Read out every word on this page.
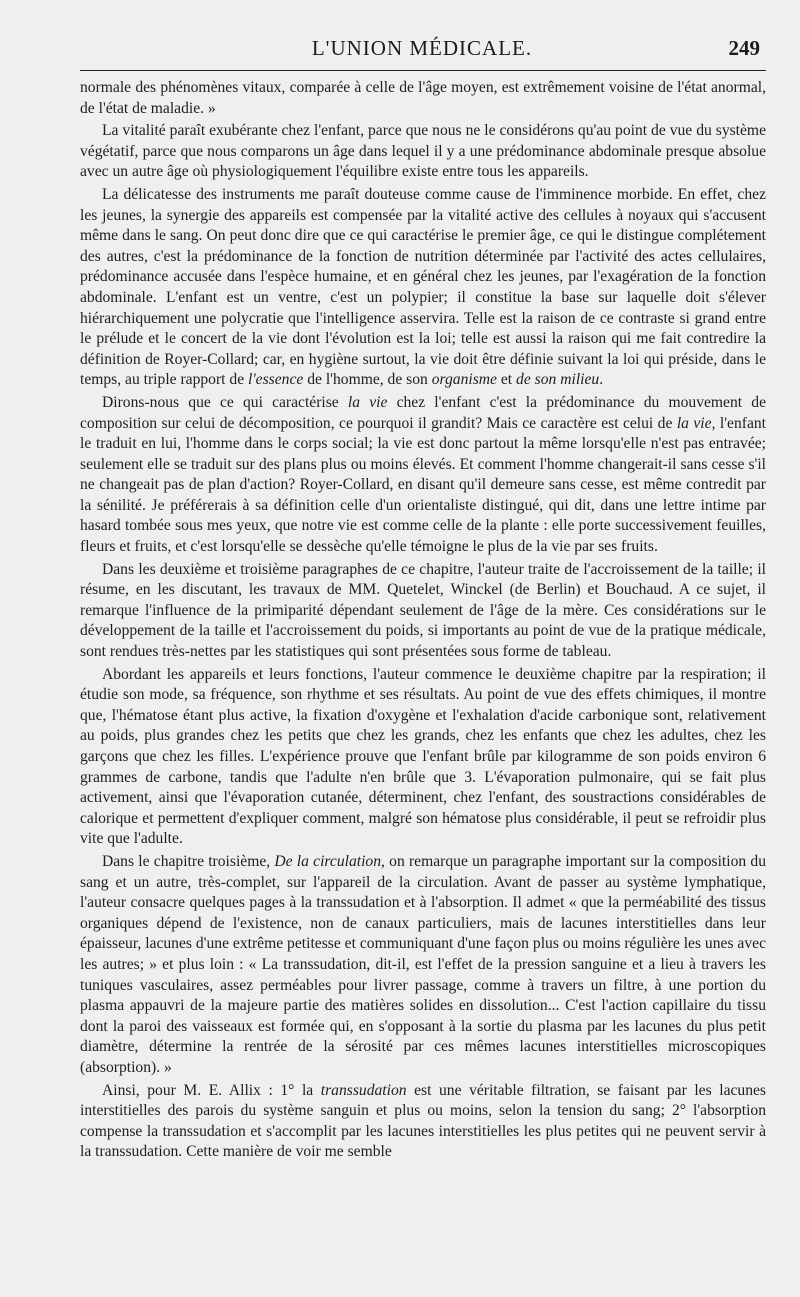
L'UNION MÉDICALE.	249

normale des phénomènes vitaux, comparée à celle de l'âge moyen, est extrêmement voisine de l'état anormal, de l'état de maladie. »

La vitalité paraît exubérante chez l'enfant, parce que nous ne le considérons qu'au point de vue du système végétatif, parce que nous comparons un âge dans lequel il y a une prédominance abdominale presque absolue avec un autre âge où physiologiquement l'équilibre existe entre tous les appareils.

La délicatesse des instruments me paraît douteuse comme cause de l'imminence morbide. En effet, chez les jeunes, la synergie des appareils est compensée par la vitalité active des cellules à noyaux qui s'accusent même dans le sang. On peut donc dire que ce qui caractérise le premier âge, ce qui le distingue complétement des autres, c'est la prédominance de la fonction de nutrition déterminée par l'activité des actes cellulaires, prédominance accusée dans l'espèce humaine, et en général chez les jeunes, par l'exagération de la fonction abdominale. L'enfant est un ventre, c'est un polypier; il constitue la base sur laquelle doit s'élever hiérarchiquement une polycratie que l'intelligence asservira. Telle est la raison de ce contraste si grand entre le prélude et le concert de la vie dont l'évolution est la loi; telle est aussi la raison qui me fait contredire la définition de Royer-Collard; car, en hygiène surtout, la vie doit être définie suivant la loi qui préside, dans le temps, au triple rapport de l'essence de l'homme, de son organisme et de son milieu.

Dirons-nous que ce qui caractérise la vie chez l'enfant c'est la prédominance du mouvement de composition sur celui de décomposition, ce pourquoi il grandit? Mais ce caractère est celui de la vie, l'enfant le traduit en lui, l'homme dans le corps social; la vie est donc partout la même lorsqu'elle n'est pas entravée; seulement elle se traduit sur des plans plus ou moins élevés. Et comment l'homme changerait-il sans cesse s'il ne changeait pas de plan d'action? Royer-Collard, en disant qu'il demeure sans cesse, est même contredit par la sénilité. Je préférerais à sa définition celle d'un orientaliste distingué, qui dit, dans une lettre intime par hasard tombée sous mes yeux, que notre vie est comme celle de la plante : elle porte successivement feuilles, fleurs et fruits, et c'est lorsqu'elle se dessèche qu'elle témoigne le plus de la vie par ses fruits.

Dans les deuxième et troisième paragraphes de ce chapitre, l'auteur traite de l'accroissement de la taille; il résume, en les discutant, les travaux de MM. Quetelet, Winckel (de Berlin) et Bouchaud. A ce sujet, il remarque l'influence de la primiparité dépendant seulement de l'âge de la mère. Ces considérations sur le développement de la taille et l'accroissement du poids, si importants au point de vue de la pratique médicale, sont rendues très-nettes par les statistiques qui sont présentées sous forme de tableau.

Abordant les appareils et leurs fonctions, l'auteur commence le deuxième chapitre par la respiration; il étudie son mode, sa fréquence, son rhythme et ses résultats. Au point de vue des effets chimiques, il montre que, l'hématose étant plus active, la fixation d'oxygène et l'exhalation d'acide carbonique sont, relativement au poids, plus grandes chez les petits que chez les grands, chez les enfants que chez les adultes, chez les garçons que chez les filles. L'expérience prouve que l'enfant brûle par kilogramme de son poids environ 6 grammes de carbone, tandis que l'adulte n'en brûle que 3. L'évaporation pulmonaire, qui se fait plus activement, ainsi que l'évaporation cutanée, déterminent, chez l'enfant, des soustractions considérables de calorique et permettent d'expliquer comment, malgré son hématose plus considérable, il peut se refroidir plus vite que l'adulte.

Dans le chapitre troisième, De la circulation, on remarque un paragraphe important sur la composition du sang et un autre, très-complet, sur l'appareil de la circulation. Avant de passer au système lymphatique, l'auteur consacre quelques pages à la transsudation et à l'absorption. Il admet « que la perméabilité des tissus organiques dépend de l'existence, non de canaux particuliers, mais de lacunes interstitielles dans leur épaisseur, lacunes d'une extrême petitesse et communiquant d'une façon plus ou moins régulière les unes avec les autres; » et plus loin : « La transsudation, dit-il, est l'effet de la pression sanguine et a lieu à travers les tuniques vasculaires, assez perméables pour livrer passage, comme à travers un filtre, à une portion du plasma appauvri de la majeure partie des matières solides en dissolution... C'est l'action capillaire du tissu dont la paroi des vaisseaux est formée qui, en s'opposant à la sortie du plasma par les lacunes du plus petit diamètre, détermine la rentrée de la sérosité par ces mêmes lacunes interstitielles microscopiques (absorption). »

Ainsi, pour M. E. Allix : 1° la transsudation est une véritable filtration, se faisant par les lacunes interstitielles des parois du système sanguin et plus ou moins, selon la tension du sang; 2° l'absorption compense la transsudation et s'accomplit par les lacunes interstitielles les plus petites qui ne peuvent servir à la transsudation. Cette manière de voir me semble
